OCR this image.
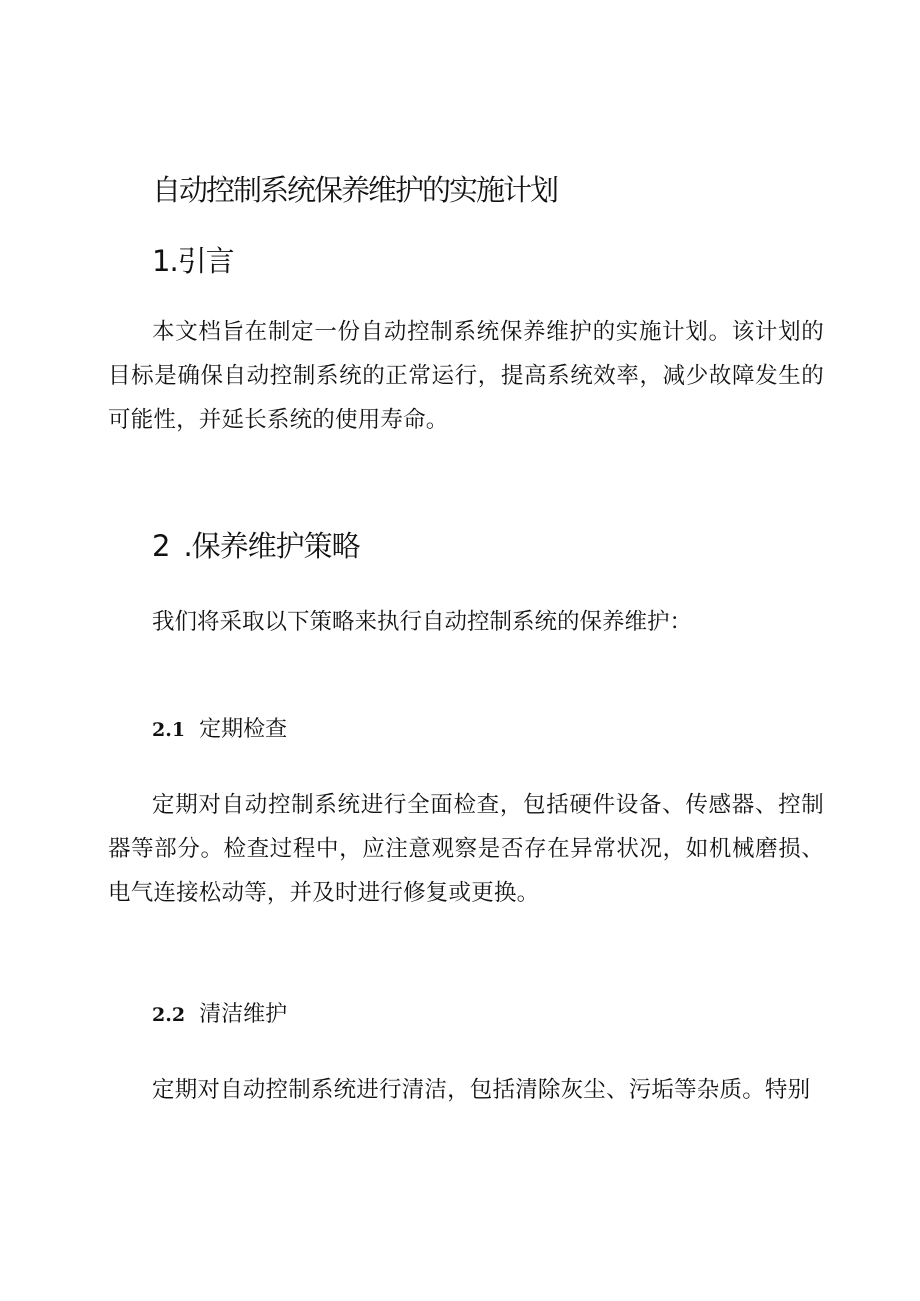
自动控制系统保养维护的实施计划
1.引言

本文档旨在制定一份自动控制系统保养维护的实施计划。该计划的目标是确保自动控制系统的正常运行，提高系统效率，减少故障发生的可能性，并延长系统的使用寿命。

2 .保养维护策略

我们将采取以下策略来执行自动控制系统的保养维护：

2.1 定期检查

定期对自动控制系统进行全面检查，包括硬件设备、传感器、控制器等部分。检查过程中，应注意观察是否存在异常状况，如机械磨损、电气连接松动等，并及时进行修复或更换。

2.2 清洁维护

定期对自动控制系统进行清洁，包括清除灰尘、污垢等杂质。特别
